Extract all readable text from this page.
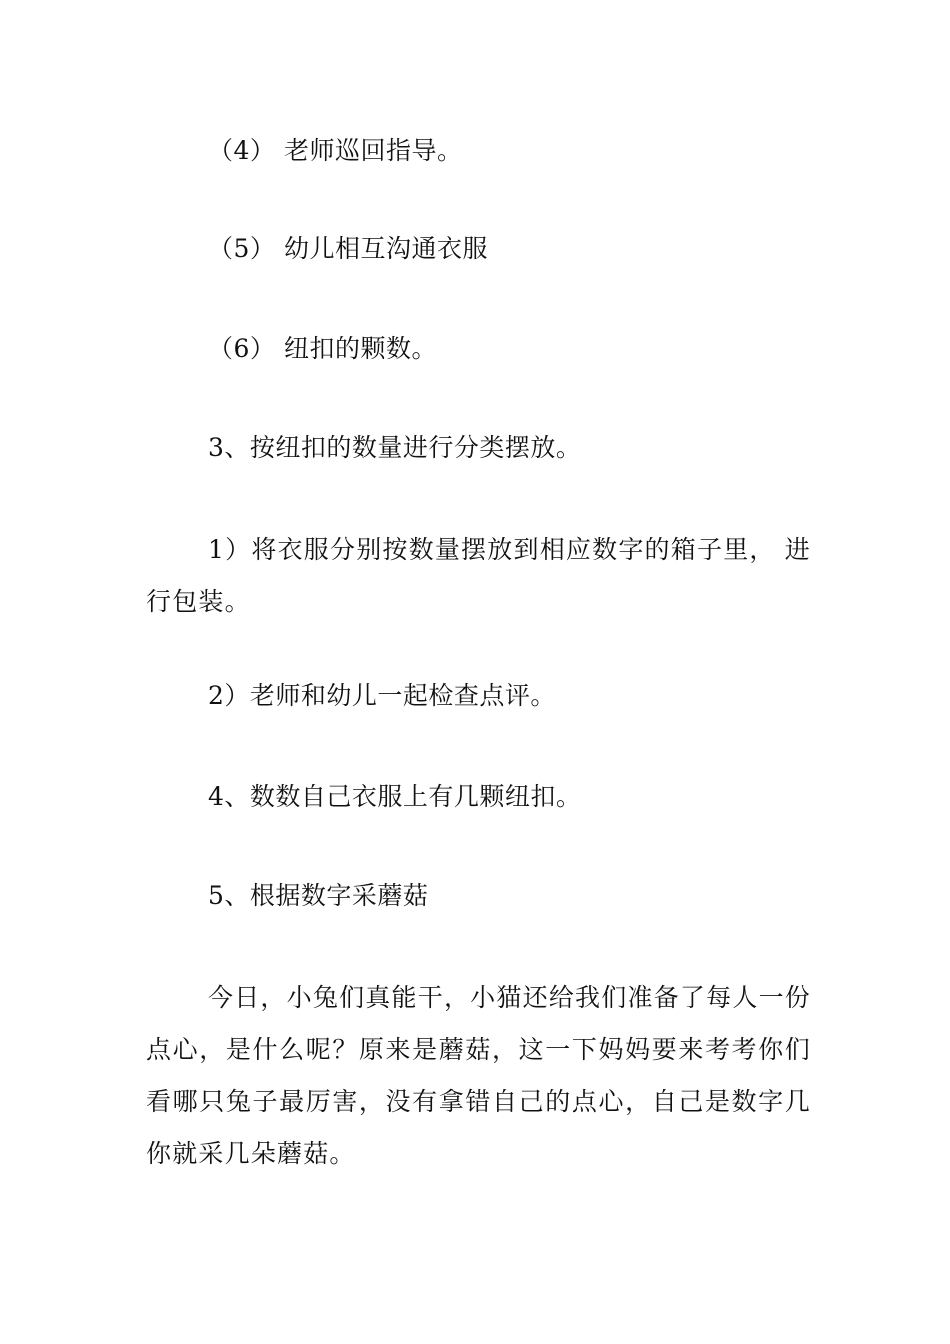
（4） 老师巡回指导。
（5） 幼儿相互沟通衣服
（6） 纽扣的颗数。
3、按纽扣的数量进行分类摆放。
1）将衣服分别按数量摆放到相应数字的箱子里， 进行包装。
2）老师和幼儿一起检查点评。
4、数数自己衣服上有几颗纽扣。
5、根据数字采蘑菇
今日，小兔们真能干，小猫还给我们准备了每人一份点心，是什么呢？原来是蘑菇，这一下妈妈要来考考你们看哪只兔子最厉害，没有拿错自己的点心，自己是数字几你就采几朵蘑菇。
